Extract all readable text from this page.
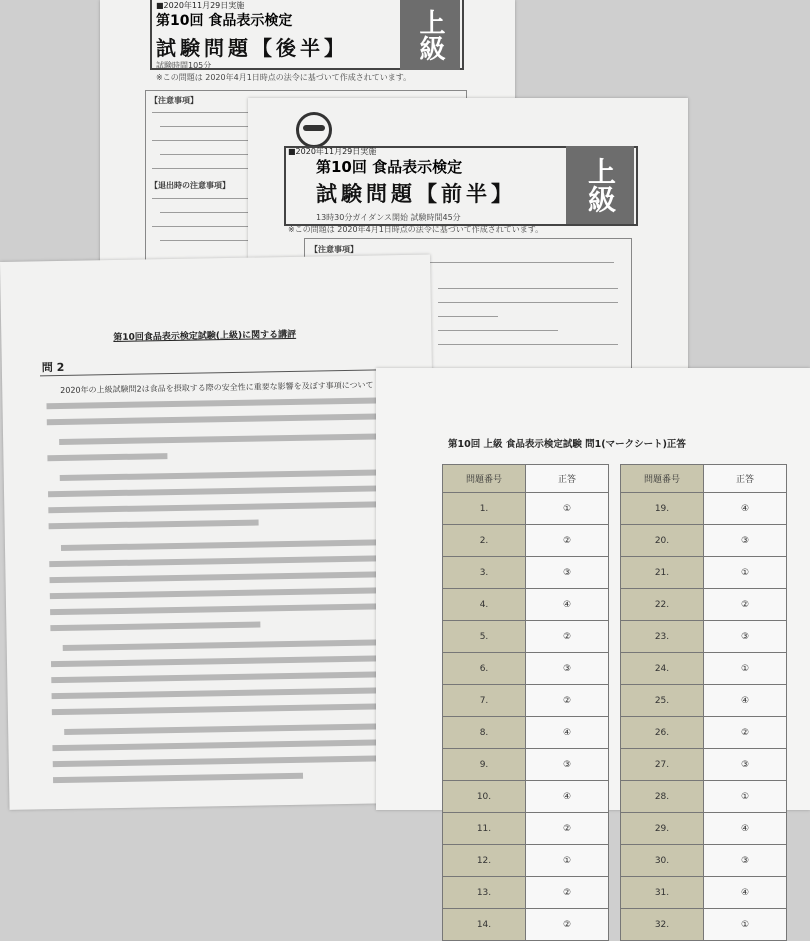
■2020年11月29日実施
第10回 食品表示検定
試験問題【後半】	上級
試験時間105分
※この問題は 2020年4月1日時点の法令に基づいて作成されています。
【注意事項】
【退出時の注意事項】
■2020年11月29日実施
第10回 食品表示検定
試験問題【前半】	上級
13時30分ガイダンス開始 試験時間45分
※この問題は 2020年4月1日時点の法令に基づいて作成されています。
【注意事項】
第10回食品表示検定試験(上級)に関する講評
問 2
2020年の上級試験問2は食品を摂取する際の安全性に重要な影響を及ぼす事項について
第10回 上級 食品表示検定試験 問1(マークシート)正答
問題番号	正答
1.	①
2.	②
3.	③
4.	④
5.	②
6.	③
7.	②
8.	④
9.	③
10.	④
11.	②
12.	①
13.	②
14.	②
問題番号	正答
19.	④
20.	③
21.	①
22.	②
23.	③
24.	①
25.	④
26.	②
27.	③
28.	①
29.	④
30.	③
31.	④
32.	①
